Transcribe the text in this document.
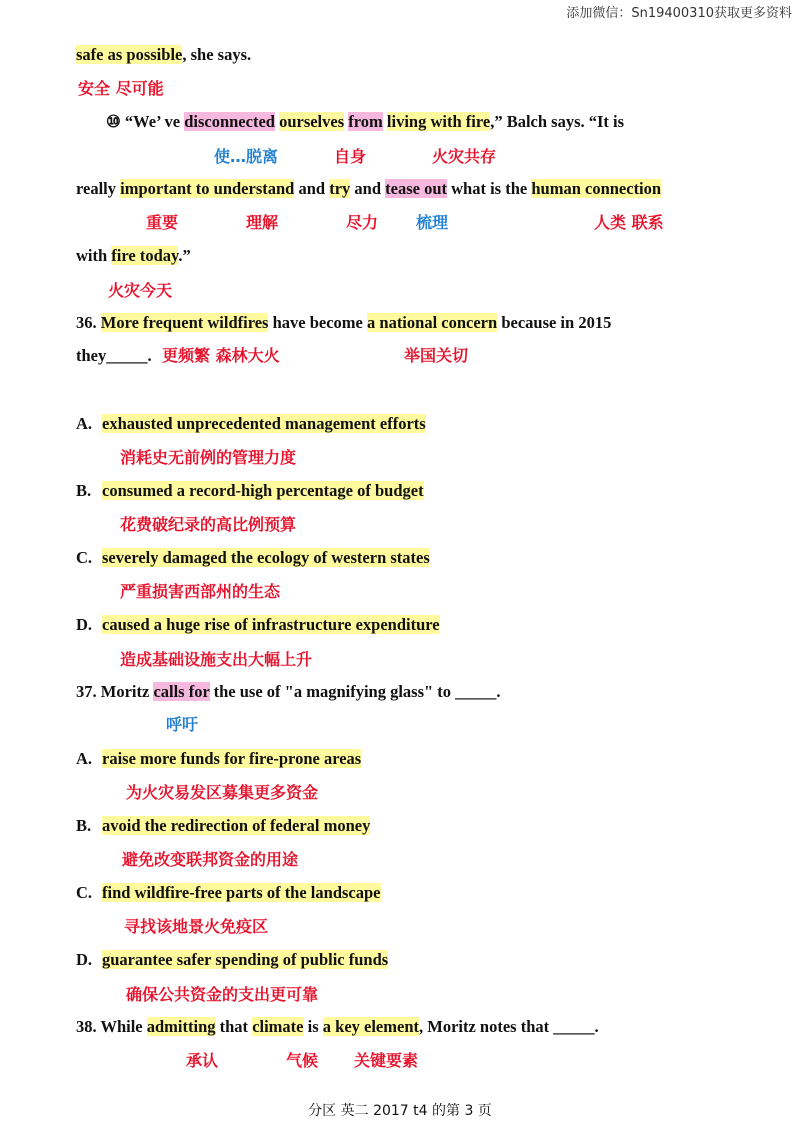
添加微信：Sn19400310获取更多资料
safe as possible, she says.
安全 尽可能
⑩ “We’ ve disconnected ourselves from living with fire,” Balch says. “It is
使…脱离	自身	火灾共存
really important to understand and try and tease out what is the human connection
重要	理解	尽力 梳理	人类 联系
with fire today.”
火灾今天
36. More frequent wildfires have become a national concern because in 2015
they_____. 更频繁 森林大火	举国关切
A. exhausted unprecedented management efforts
消耗史无前例的管理力度
B. consumed a record-high percentage of budget
花费破纪录的高比例预算
C. severely damaged the ecology of western states
严重损害西部州的生态
D. caused a huge rise of infrastructure expenditure
造成基础设施支出大幅上升
37. Moritz calls for the use of "a magnifying glass" to _____.
呼吁
A. raise more funds for fire-prone areas
为火灾易发区募集更多资金
B. avoid the redirection of federal money
避免改变联邦资金的用途
C. find wildfire-free parts of the landscape
寻找该地景火免疫区
D. guarantee safer spending of public funds
确保公共资金的支出更可靠
38. While admitting that climate is a key element, Moritz notes that _____.
承认	气候 关键要素
分区 英二 2017 t4 的第 3 页
